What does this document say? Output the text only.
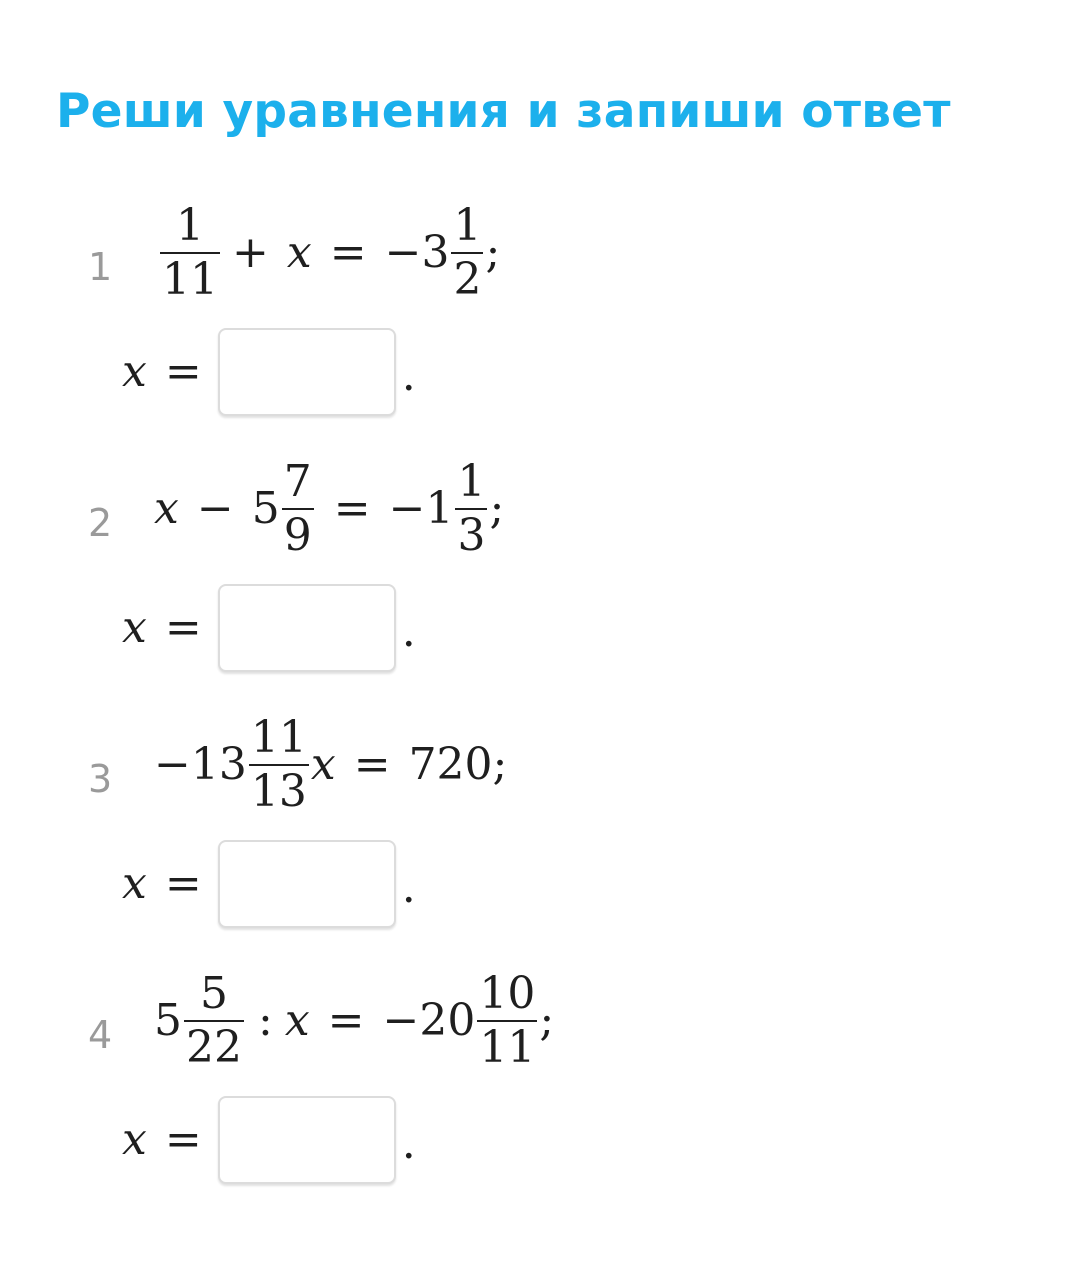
Реши уравнения и запиши ответ
$1 \frac{1}{11} + x = -3 \frac{1}{2}$ ;
x =	.
2 $x - 5 \frac{7}{9} = -1 \frac{1}{3}$ ;
x =	.
$3 -13 \frac{11}{13}$ x = 720 ;
x =	.
4 $5 \frac{5}{22}$ : $x = -20 \frac{10}{11}$ ;
x =	.
